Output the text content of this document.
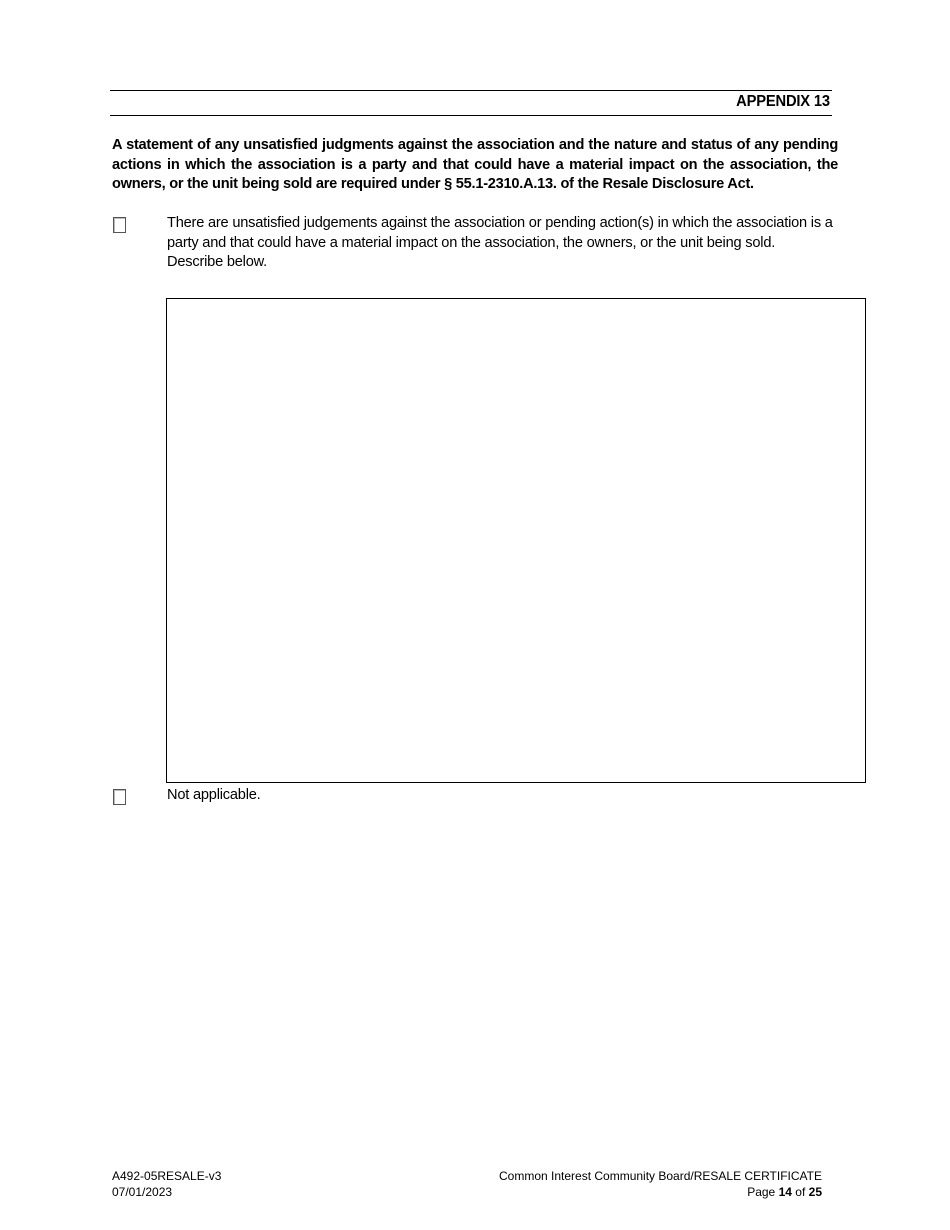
APPENDIX 13
A statement of any unsatisfied judgments against the association and the nature and status of any pending actions in which the association is a party and that could have a material impact on the association, the owners, or the unit being sold are required under § 55.1-2310.A.13. of the Resale Disclosure Act.
There are unsatisfied judgements against the association or pending action(s) in which the association is a party and that could have a material impact on the association, the owners, or the unit being sold. Describe below.
Not applicable.
A492-05RESALE-v3
07/01/2023
Common Interest Community Board/RESALE CERTIFICATE
Page 14 of 25
